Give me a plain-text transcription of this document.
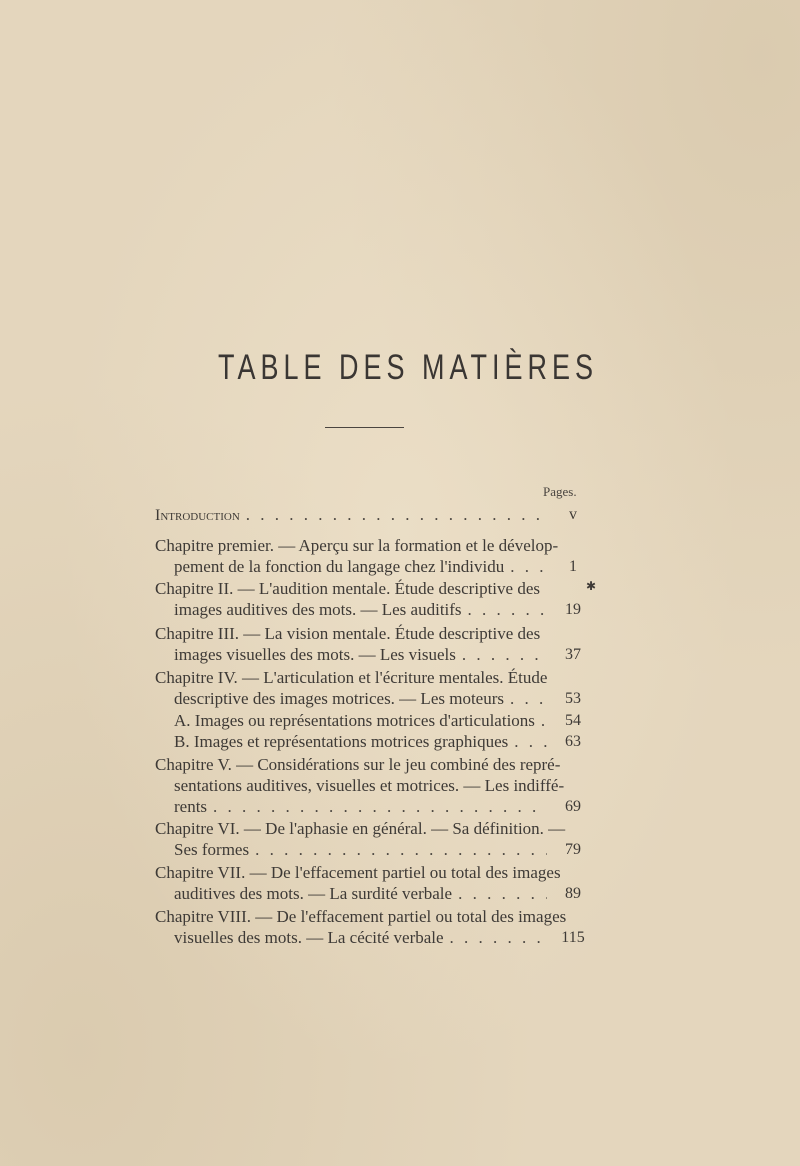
TABLE DES MATIÈRES
Pages.
Introduction . . .	v
Chapitre premier. — Aperçu sur la formation et le dévelop-
pement de la fonction du langage chez l'individu . . .	1
Chapitre II. — L'audition mentale. Étude descriptive des	✱
images auditives des mots. — Les auditifs . . .	19
Chapitre III. — La vision mentale. Étude descriptive des
images visuelles des mots. — Les visuels . . .	37
Chapitre IV. — L'articulation et l'écriture mentales. Étude
descriptive des images motrices. — Les moteurs . . .	53
A. Images ou représentations motrices d'articulations . . .	54
B. Images et représentations motrices graphiques . . .	63
Chapitre V. — Considérations sur le jeu combiné des repré-
sentations auditives, visuelles et motrices. — Les indiffé-
rents . . .	69
Chapitre VI. — De l'aphasie en général. — Sa définition. —
Ses formes . . .	79
Chapitre VII. — De l'effacement partiel ou total des images
auditives des mots. — La surdité verbale . . .	89
Chapitre VIII. — De l'effacement partiel ou total des images
visuelles des mots. — La cécité verbale . . .	115
